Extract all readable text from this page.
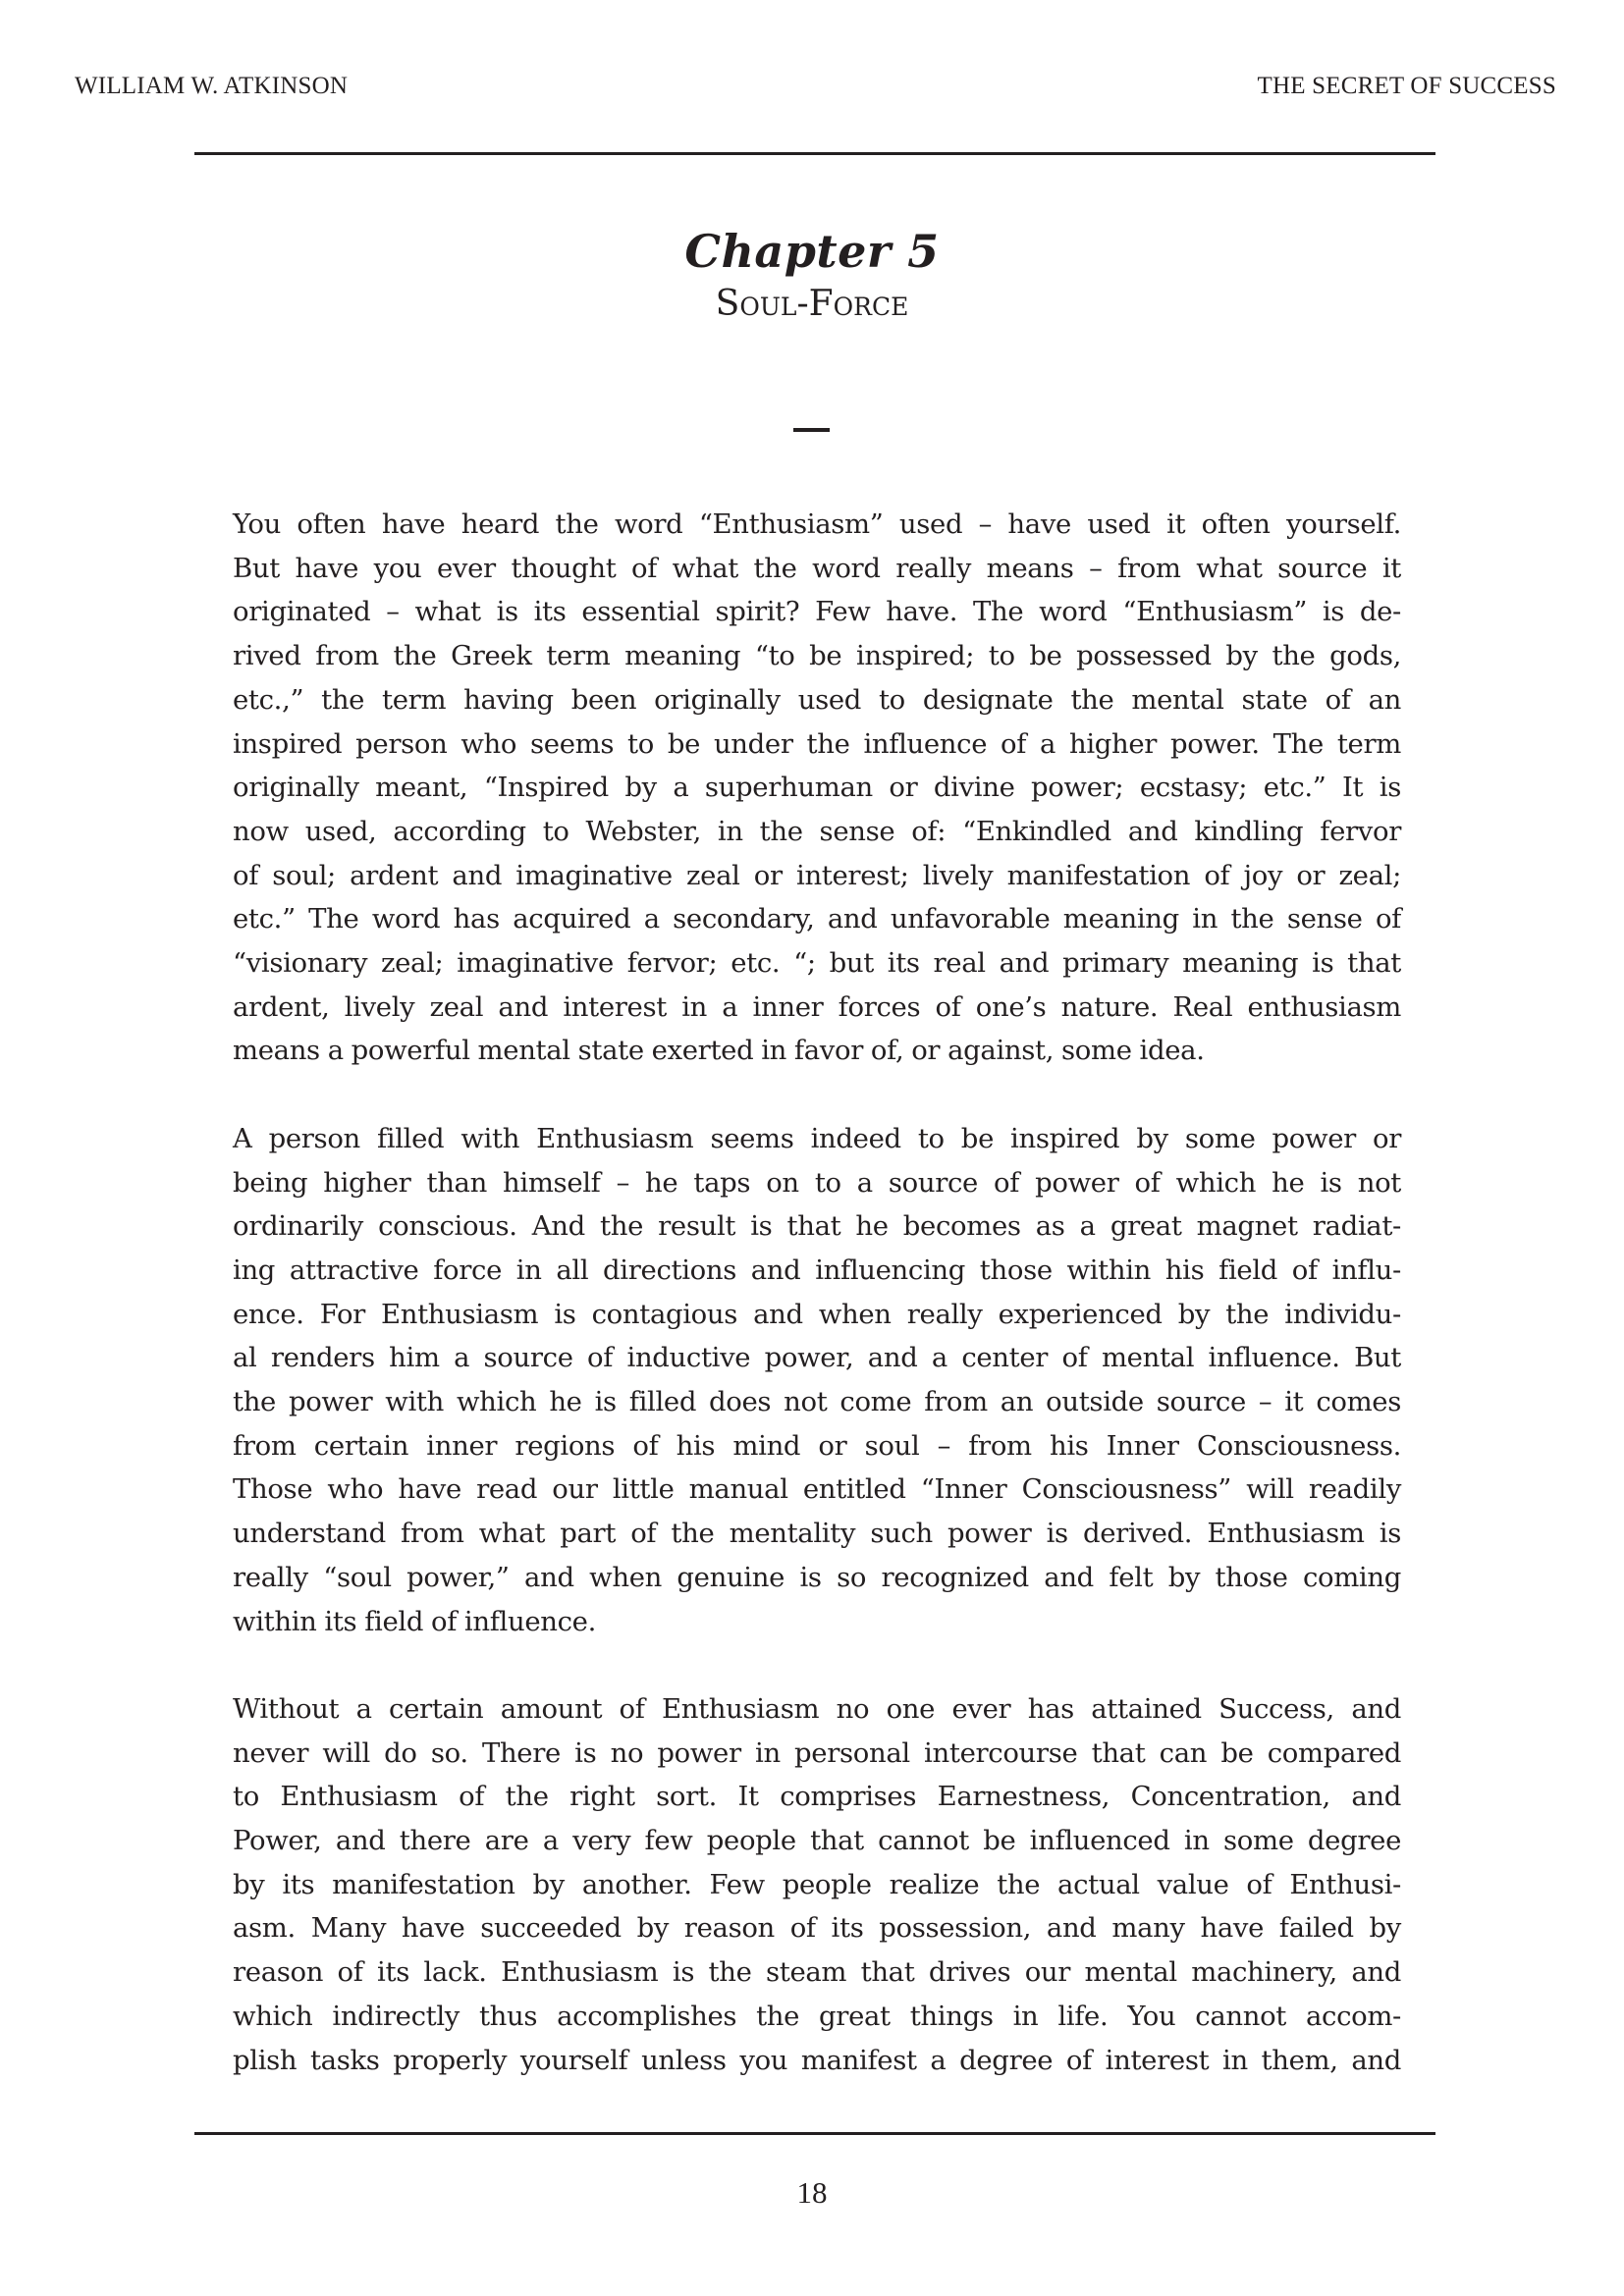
WILLIAM W. ATKINSON	THE SECRET OF SUCCESS
Chapter 5
Soul-Force

You often have heard the word “Enthusiasm” used – have used it often yourself.
But have you ever thought of what the word really means – from what source it
originated – what is its essential spirit? Few have. The word “Enthusiasm” is de-
rived from the Greek term meaning “to be inspired; to be possessed by the gods,
etc.,” the term having been originally used to designate the mental state of an
inspired person who seems to be under the influence of a higher power. The term
originally meant, “Inspired by a superhuman or divine power; ecstasy; etc.” It is
now used, according to Webster, in the sense of: “Enkindled and kindling fervor
of soul; ardent and imaginative zeal or interest; lively manifestation of joy or zeal;
etc.” The word has acquired a secondary, and unfavorable meaning in the sense of
“visionary zeal; imaginative fervor; etc. “; but its real and primary meaning is that
ardent, lively zeal and interest in a inner forces of one’s nature. Real enthusiasm
means a powerful mental state exerted in favor of, or against, some idea.

A person filled with Enthusiasm seems indeed to be inspired by some power or
being higher than himself – he taps on to a source of power of which he is not
ordinarily conscious. And the result is that he becomes as a great magnet radiat-
ing attractive force in all directions and influencing those within his field of influ-
ence. For Enthusiasm is contagious and when really experienced by the individu-
al renders him a source of inductive power, and a center of mental influence. But
the power with which he is filled does not come from an outside source – it comes
from certain inner regions of his mind or soul – from his Inner Consciousness.
Those who have read our little manual entitled “Inner Consciousness” will readily
understand from what part of the mentality such power is derived. Enthusiasm is
really “soul power,” and when genuine is so recognized and felt by those coming
within its field of influence.

Without a certain amount of Enthusiasm no one ever has attained Success, and
never will do so. There is no power in personal intercourse that can be compared
to Enthusiasm of the right sort. It comprises Earnestness, Concentration, and
Power, and there are a very few people that cannot be influenced in some degree
by its manifestation by another. Few people realize the actual value of Enthusi-
asm. Many have succeeded by reason of its possession, and many have failed by
reason of its lack. Enthusiasm is the steam that drives our mental machinery, and
which indirectly thus accomplishes the great things in life. You cannot accom-
plish tasks properly yourself unless you manifest a degree of interest in them, and

18
